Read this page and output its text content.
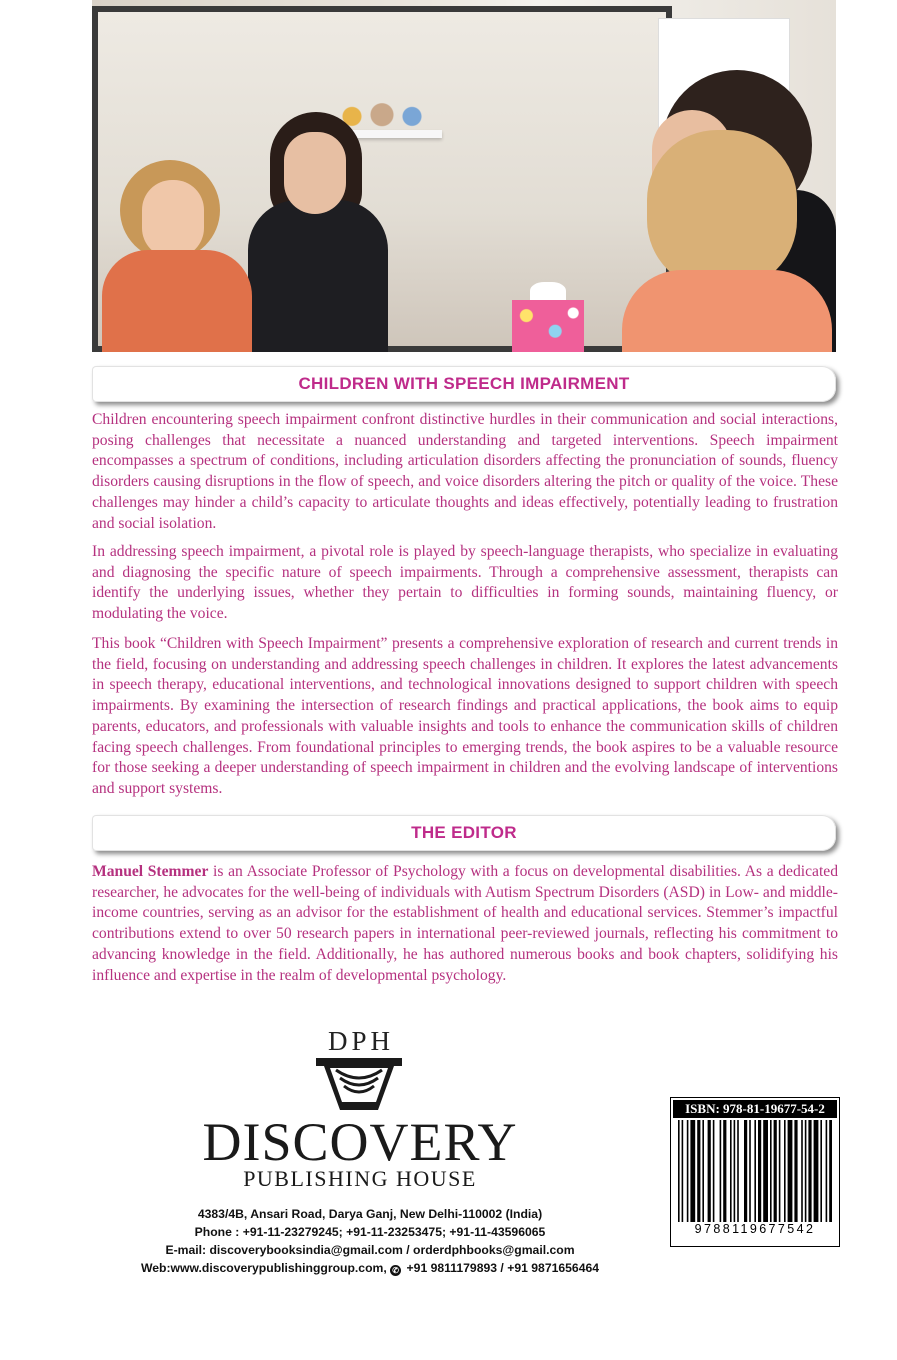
CHILDREN WITH SPEECH IMPAIRMENT

Children encountering speech impairment confront distinctive hurdles in their communication and social interactions, posing challenges that necessitate a nuanced understanding and targeted interventions. Speech impairment encompasses a spectrum of conditions, including articulation disorders affecting the pronunciation of sounds, fluency disorders causing disruptions in the flow of speech, and voice disorders altering the pitch or quality of the voice. These challenges may hinder a child’s capacity to articulate thoughts and ideas effectively, potentially leading to frustration and social isolation.

In addressing speech impairment, a pivotal role is played by speech-language therapists, who specialize in evaluating and diagnosing the specific nature of speech impairments. Through a comprehensive assessment, therapists can identify the underlying issues, whether they pertain to difficulties in forming sounds, maintaining fluency, or modulating the voice.

This book “Children with Speech Impairment” presents a comprehensive exploration of research and current trends in the field, focusing on understanding and addressing speech challenges in children. It explores the latest advancements in speech therapy, educational interventions, and technological innovations designed to support children with speech impairments. By examining the intersection of research findings and practical applications, the book aims to equip parents, educators, and professionals with valuable insights and tools to enhance the communication skills of children facing speech challenges. From foundational principles to emerging trends, the book aspires to be a valuable resource for those seeking a deeper understanding of speech impairment in children and the evolving landscape of interventions and support systems.

THE EDITOR

Manuel Stemmer is an Associate Professor of Psychology with a focus on developmental disabilities. As a dedicated researcher, he advocates for the well-being of individuals with Autism Spectrum Disorders (ASD) in Low- and middle-income countries, serving as an advisor for the establishment of health and educational services. Stemmer’s impactful contributions extend to over 50 research papers in international peer-reviewed journals, reflecting his commitment to advancing knowledge in the field. Additionally, he has authored numerous books and book chapters, solidifying his influence and expertise in the realm of developmental psychology.

DPH
DISCOVERY
PUBLISHING HOUSE
4383/4B, Ansari Road, Darya Ganj, New Delhi-110002 (India)
Phone : +91-11-23279245; +91-11-23253475; +91-11-43596065
E-mail: discoverybooksindia@gmail.com / orderdphbooks@gmail.com
Web:www.discoverypublishinggroup.com, ✆ +91 9811179893 / +91 9871656464
ISBN: 978-81-19677-54-2
9788119677542
